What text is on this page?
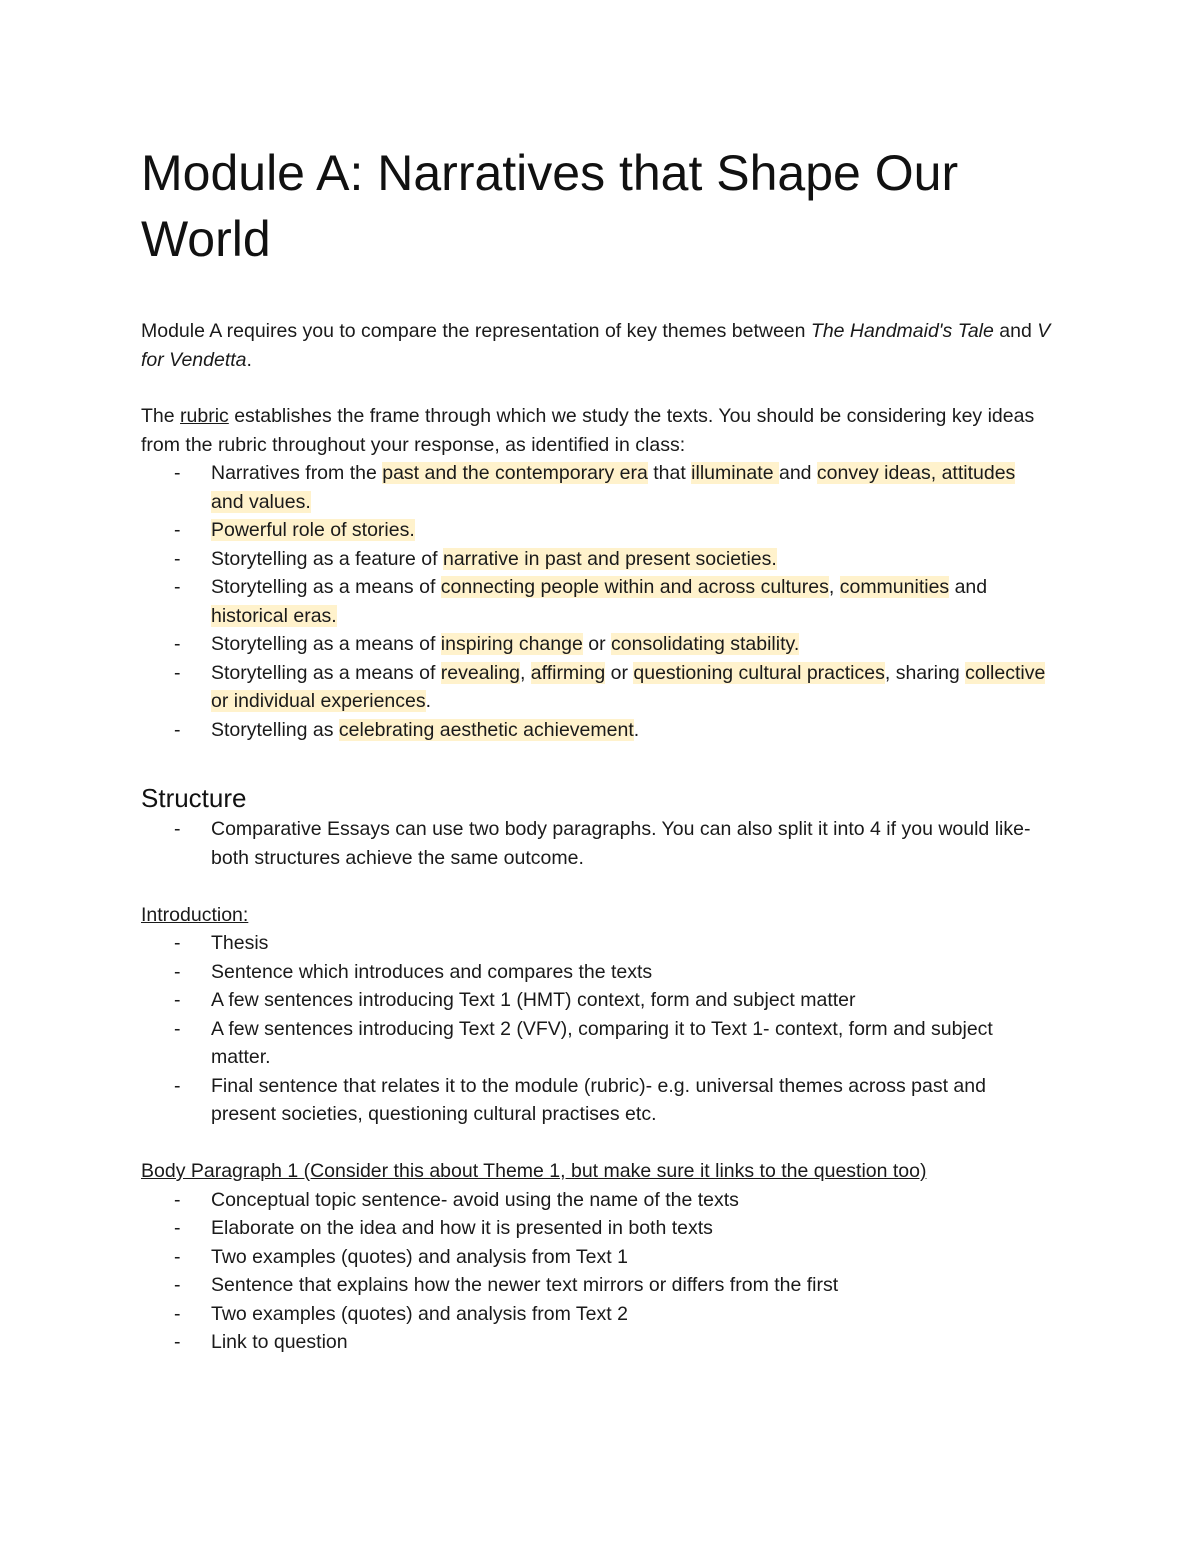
Module A: Narratives that Shape Our World

Module A requires you to compare the representation of key themes between The Handmaid's Tale and V for Vendetta.

The rubric establishes the frame through which we study the texts. You should be considering key ideas from the rubric throughout your response, as identified in class:

- Narratives from the past and the contemporary era that illuminate and convey ideas, attitudes and values.
- Powerful role of stories.
- Storytelling as a feature of narrative in past and present societies.
- Storytelling as a means of connecting people within and across cultures, communities and historical eras.
- Storytelling as a means of inspiring change or consolidating stability.
- Storytelling as a means of revealing, affirming or questioning cultural practices, sharing collective or individual experiences.
- Storytelling as celebrating aesthetic achievement.
Structure
- Comparative Essays can use two body paragraphs. You can also split it into 4 if you would like- both structures achieve the same outcome.

Introduction:

- Thesis
- Sentence which introduces and compares the texts
- A few sentences introducing Text 1 (HMT) context, form and subject matter
- A few sentences introducing Text 2 (VFV), comparing it to Text 1- context, form and subject matter.
- Final sentence that relates it to the module (rubric)- e.g. universal themes across past and present societies, questioning cultural practises etc.

Body Paragraph 1 (Consider this about Theme 1, but make sure it links to the question too)

- Conceptual topic sentence- avoid using the name of the texts
- Elaborate on the idea and how it is presented in both texts
- Two examples (quotes) and analysis from Text 1
- Sentence that explains how the newer text mirrors or differs from the first
- Two examples (quotes) and analysis from Text 2
- Link to question
